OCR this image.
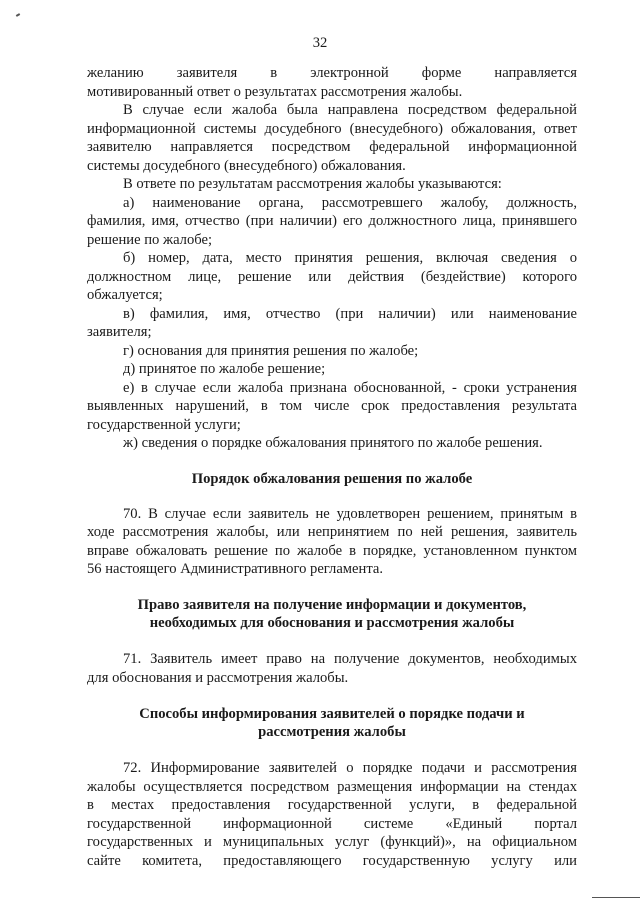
32
желанию заявителя в электронной форме направляется
мотивированный ответ о результатах рассмотрения жалобы.
В случае если жалоба была направлена посредством федеральной
информационной системы досудебного (внесудебного) обжалования, ответ
заявителю направляется посредством федеральной информационной
системы досудебного (внесудебного) обжалования.
В ответе по результатам рассмотрения жалобы указываются:
а) наименование органа, рассмотревшего жалобу, должность,
фамилия, имя, отчество (при наличии) его должностного лица, принявшего
решение по жалобе;
б) номер, дата, место принятия решения, включая сведения о
должностном лице, решение или действия (бездействие) которого
обжалуется;
в) фамилия, имя, отчество (при наличии) или наименование
заявителя;
г) основания для принятия решения по жалобе;
д) принятое по жалобе решение;
е) в случае если жалоба признана обоснованной, - сроки устранения
выявленных нарушений, в том числе срок предоставления результата
государственной услуги;
ж) сведения о порядке обжалования принятого по жалобе решения.
Порядок обжалования решения по жалобе
70. В случае если заявитель не удовлетворен решением, принятым в
ходе рассмотрения жалобы, или непринятием по ней решения, заявитель
вправе обжаловать решение по жалобе в порядке, установленном пунктом
56 настоящего Административного регламента.
Право заявителя на получение информации и документов,
необходимых для обоснования и рассмотрения жалобы
71. Заявитель имеет право на получение документов, необходимых
для обоснования и рассмотрения жалобы.
Способы информирования заявителей о порядке подачи и
рассмотрения жалобы
72. Информирование заявителей о порядке подачи и рассмотрения
жалобы осуществляется посредством размещения информации на стендах
в местах предоставления государственной услуги, в федеральной
государственной информационной системе «Единый портал
государственных и муниципальных услуг (функций)», на официальном
сайте комитета, предоставляющего государственную услугу или
